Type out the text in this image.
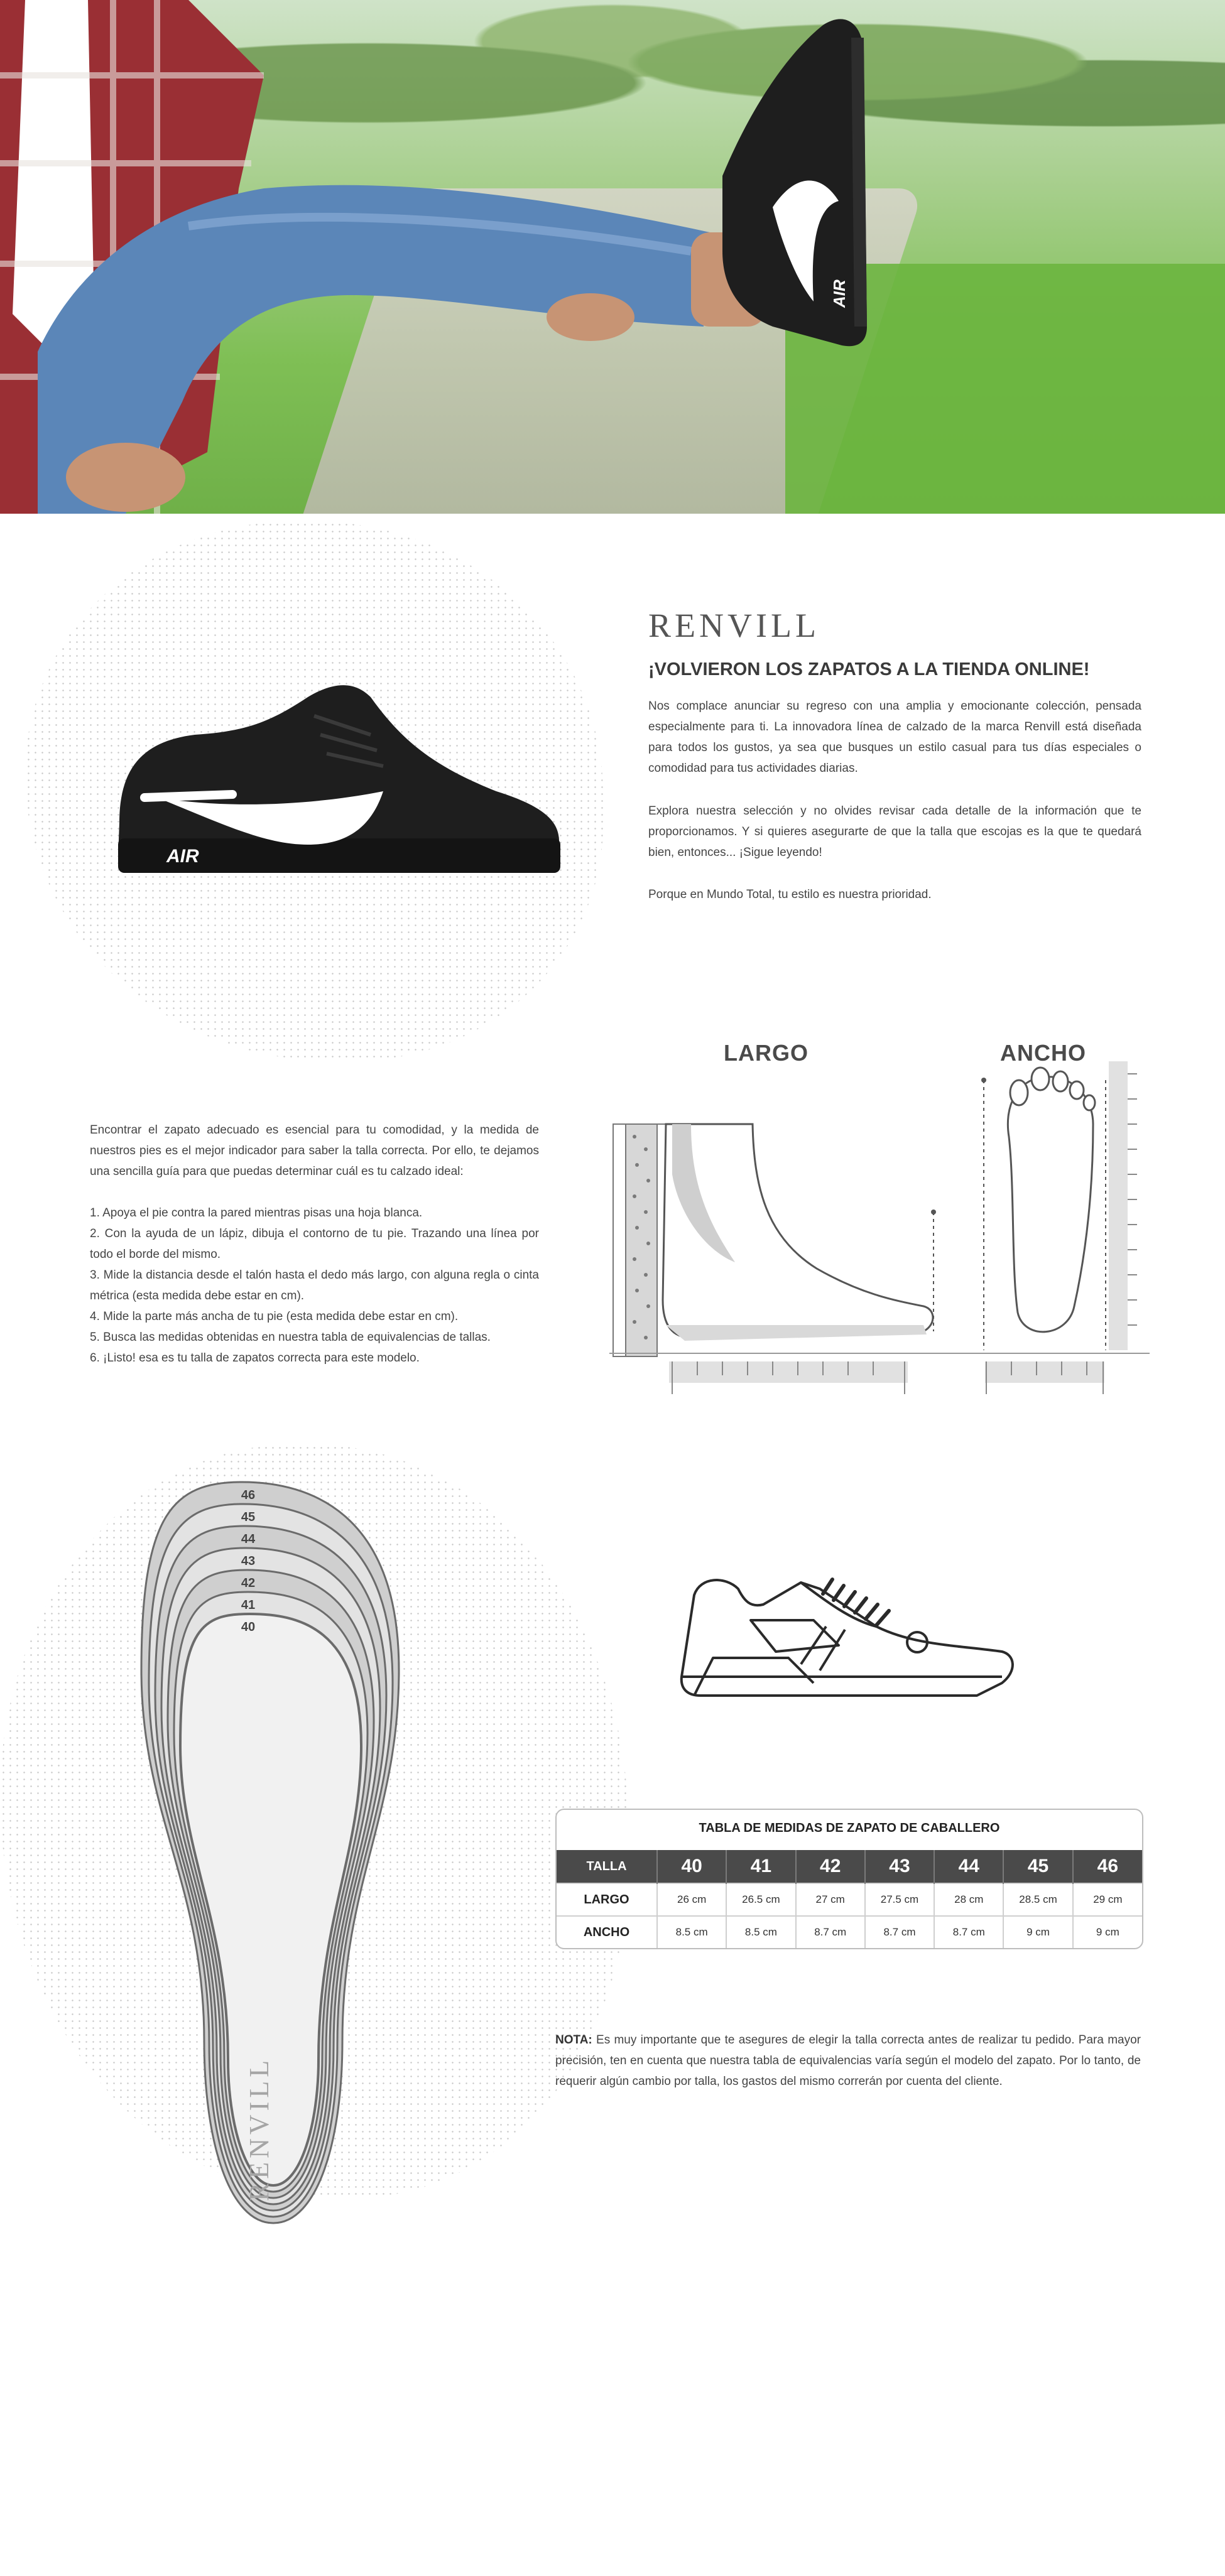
AIR
AIR
RENVILL
¡VOLVIERON LOS ZAPATOS A LA TIENDA ONLINE!
Nos complace anunciar su regreso con una amplia y emocionante colección, pensada especialmente para ti. La innovadora línea de calzado de la marca Renvill está diseñada para todos los gustos, ya sea que busques un estilo casual para tus días especiales o comodidad para tus actividades diarias.
Explora nuestra selección y no olvides revisar cada detalle de la información que te proporcionamos. Y si quieres asegurarte de que la talla que escojas es la que te quedará bien, entonces... ¡Sigue leyendo!
Porque en Mundo Total, tu estilo es nuestra prioridad.

Encontrar el zapato adecuado es esencial para tu comodidad, y la medida de nuestros pies es el mejor indicador para saber la talla correcta. Por ello, te dejamos una sencilla guía para que puedas determinar cuál es tu calzado ideal:

1. Apoya el pie contra la pared mientras pisas una hoja blanca.
2. Con la ayuda de un lápiz, dibuja el contorno de tu pie. Trazando una línea por todo el borde del mismo.
3. Mide la distancia desde el talón hasta el dedo más largo, con alguna regla o cinta métrica (esta medida debe estar en cm).
4. Mide la parte más ancha de tu pie (esta medida debe estar en cm).
5. Busca las medidas obtenidas en nuestra tabla de equivalencias de tallas.
6. ¡Listo! esa es tu talla de zapatos correcta para este modelo.
LARGO	ANCHO
46
45
44
43
42
41
40
RENVILL
TABLA DE MEDIDAS DE ZAPATO DE CABALLERO
TALLA	40	41	42	43	44	45	46
LARGO	26 cm	26.5 cm	27 cm	27.5 cm	28 cm	28.5 cm	29 cm
ANCHO	8.5 cm	8.5 cm	8.7 cm	8.7 cm	8.7 cm	9 cm	9 cm
NOTA: Es muy importante que te asegures de elegir la talla correcta antes de realizar tu pedido. Para mayor precisión, ten en cuenta que nuestra tabla de equivalencias varía según el modelo del zapato. Por lo tanto, de requerir algún cambio por talla, los gastos del mismo correrán por cuenta del cliente.
